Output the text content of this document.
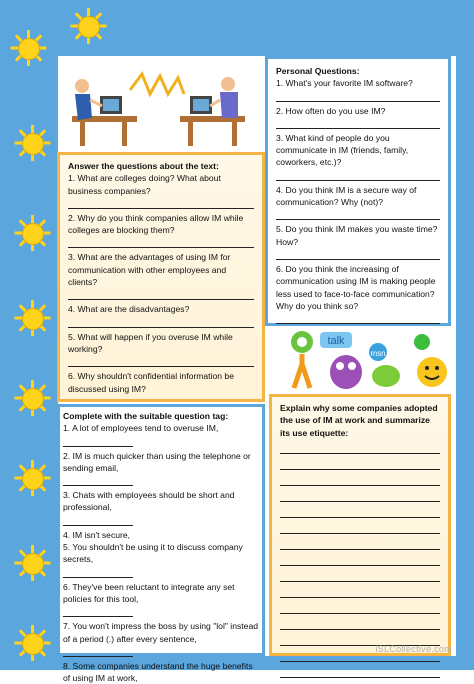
Personal Questions:
1. What's your favorite IM software?
2. How often do you use IM?
3. What kind of people do you communicate in IM (friends, family, coworkers, etc.)?
4. Do you think IM is a secure way of communication? Why (not)?
5. Do you think IM makes you waste time? How?
6. Do you think the increasing of communication using IM is making people less used to face-to-face communication? Why do you think so?
Answer the questions about the text:
1. What are colleges doing? What about business companies?
2. Why do you think companies allow IM while colleges are blocking them?
3. What are the advantages of using IM for communication with other employees and clients?
4. What are the disadvantages?
5. What will happen if you overuse IM while working?
6. Why shouldn't confidential information be discussed using IM?
talk
msn
Complete with the suitable question tag:
1. A lot of employees tend to overuse IM,
2. IM is much quicker than using the telephone or sending email,
3. Chats with employees should be short and professional,
4. IM isn't secure,
5. You shouldn't be using it to discuss company secrets,
6. They've been reluctant to integrate any set policies for this tool,
7. You won't impress the boss by using "lol" instead of a period (.) after every sentence,
8. Some companies understand the huge benefits of using IM at work,
Explain why some companies adopted the use of IM at work and summarize its use etiquette:
iSLCollective.com
